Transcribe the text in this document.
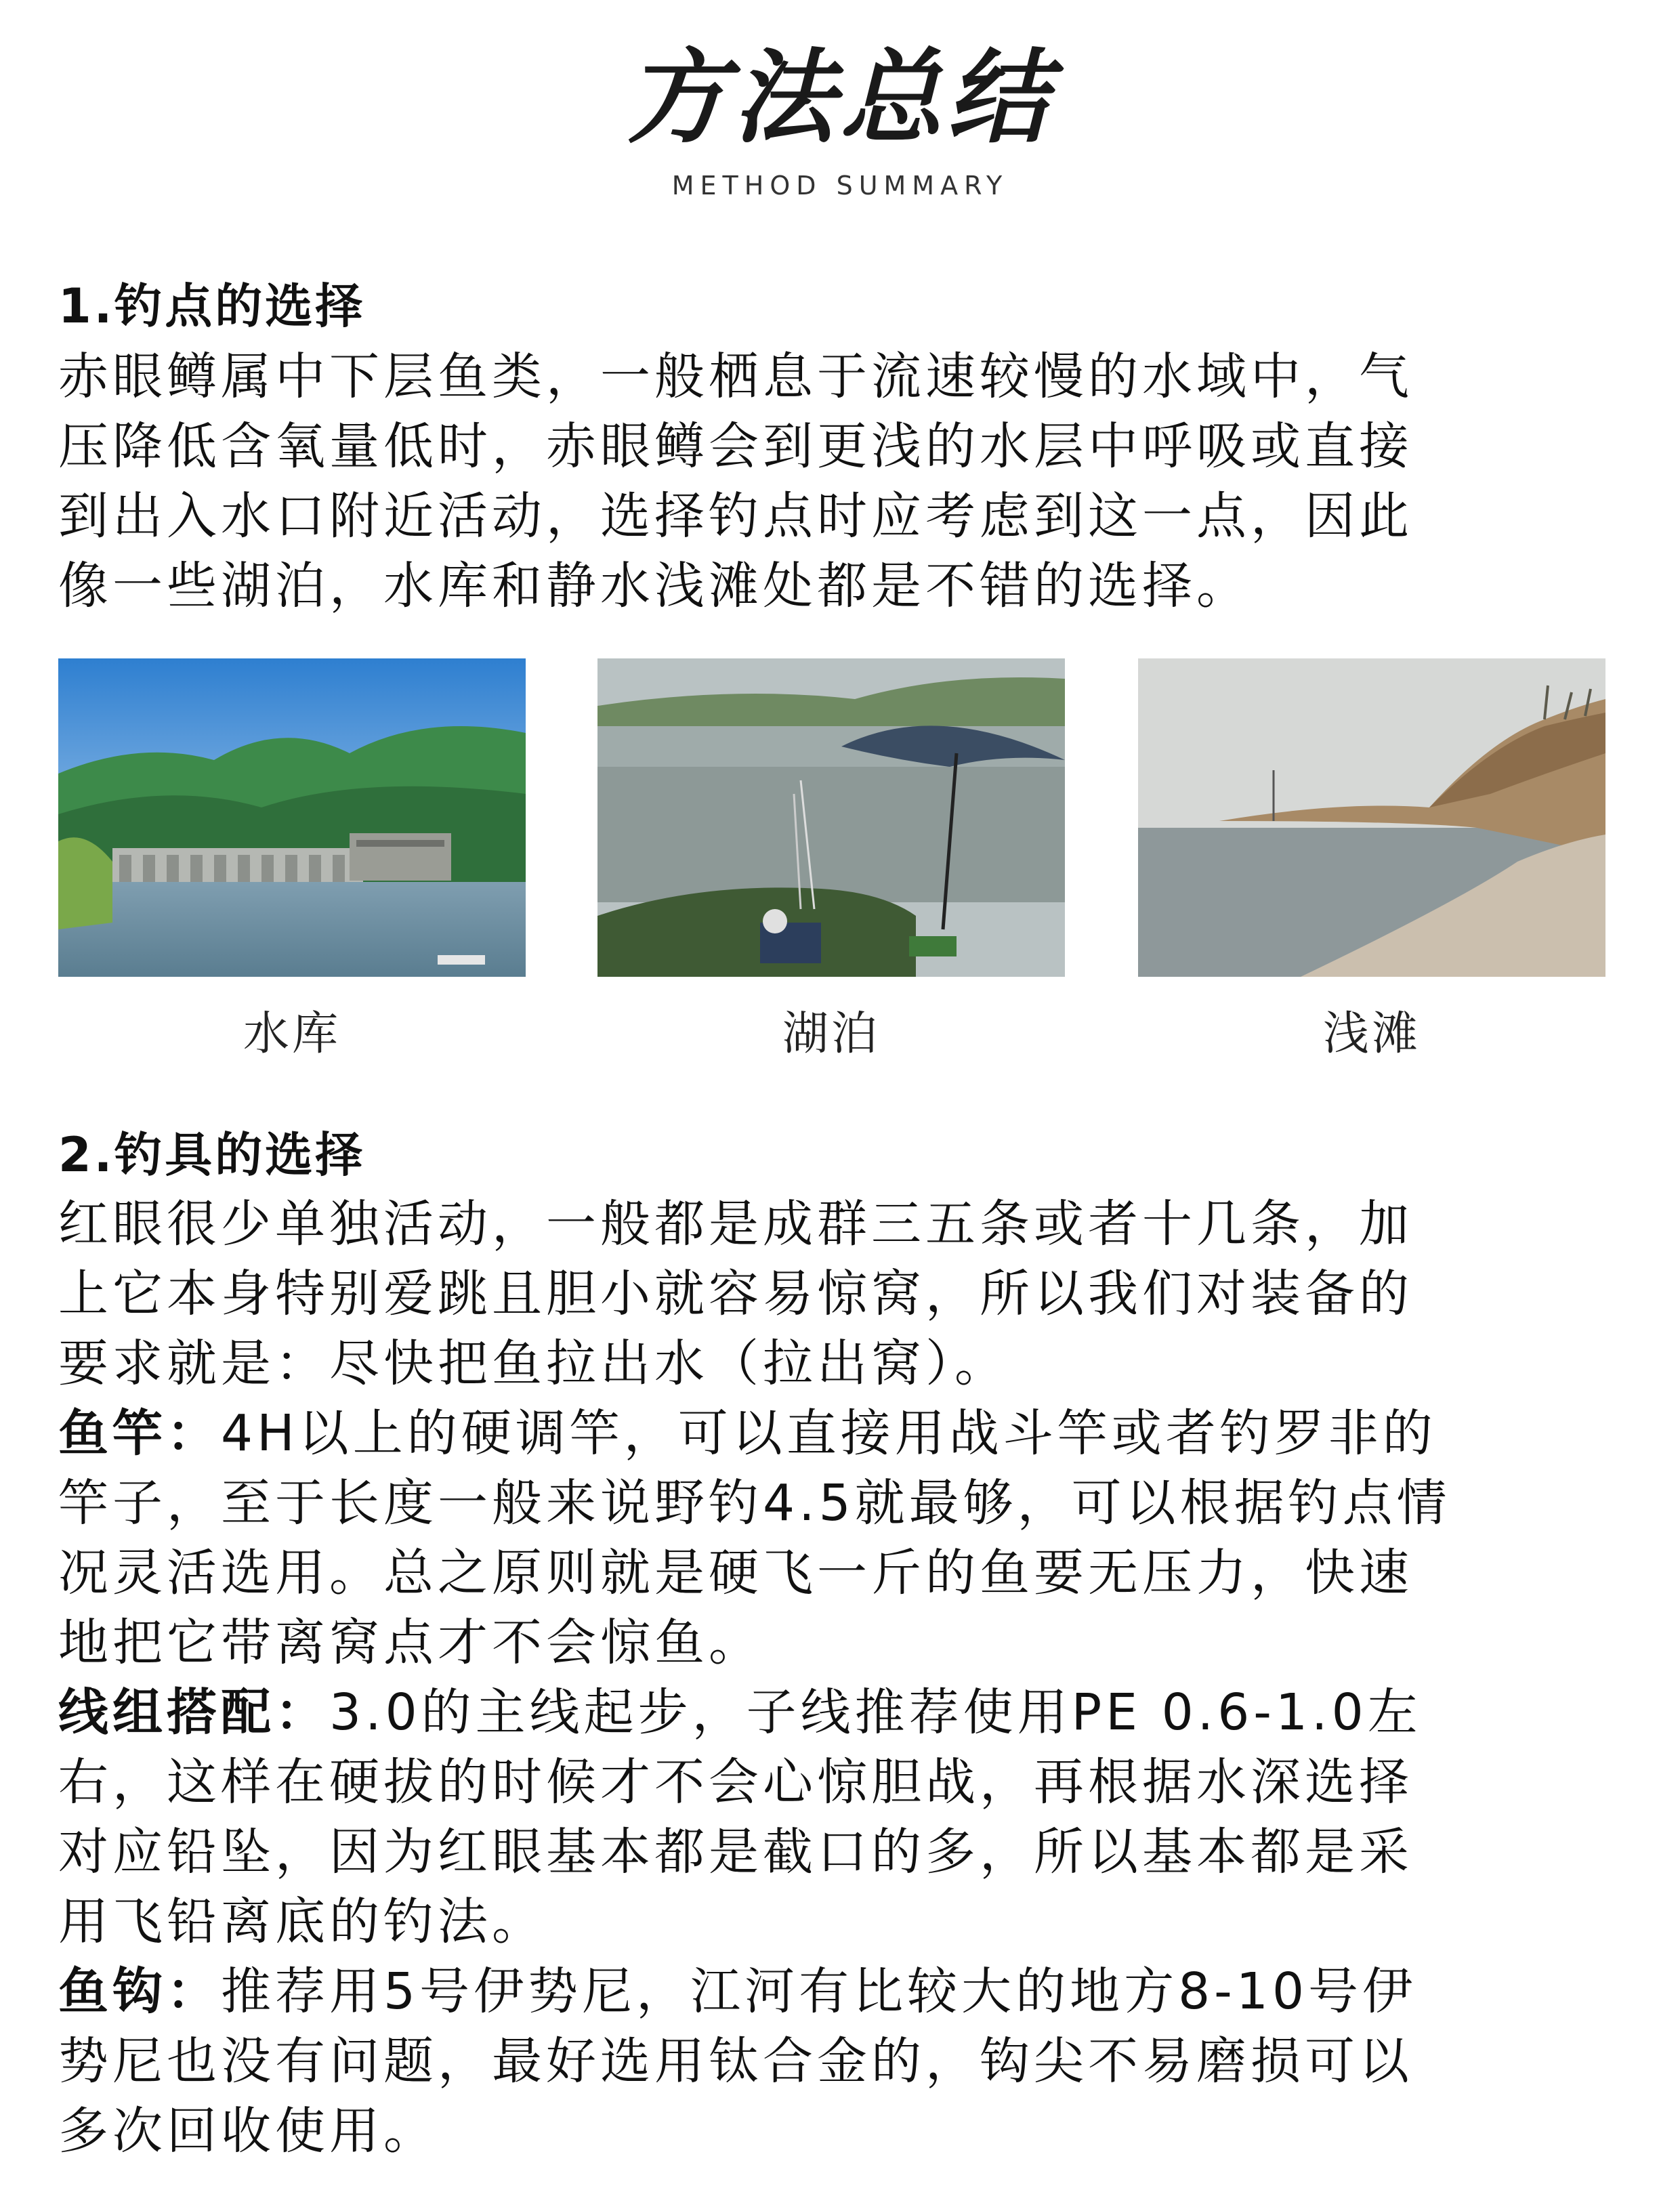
方法总结
METHOD SUMMARY
1.钓点的选择
赤眼鳟属中下层鱼类，一般栖息于流速较慢的水域中，气
压降低含氧量低时，赤眼鳟会到更浅的水层中呼吸或直接
到出入水口附近活动，选择钓点时应考虑到这一点，因此
像一些湖泊，水库和静水浅滩处都是不错的选择。
水库	湖泊	浅滩
2.钓具的选择
红眼很少单独活动，一般都是成群三五条或者十几条，加
上它本身特别爱跳且胆小就容易惊窝，所以我们对装备的
要求就是：尽快把鱼拉出水（拉出窝）。
鱼竿：4H以上的硬调竿，可以直接用战斗竿或者钓罗非的
竿子，至于长度一般来说野钓4.5就最够，可以根据钓点情
况灵活选用。总之原则就是硬飞一斤的鱼要无压力，快速
地把它带离窝点才不会惊鱼。
线组搭配：3.0的主线起步，子线推荐使用PE 0.6-1.0左
右，这样在硬拔的时候才不会心惊胆战，再根据水深选择
对应铅坠，因为红眼基本都是截口的多，所以基本都是采
用飞铅离底的钓法。
鱼钩：推荐用5号伊势尼，江河有比较大的地方8-10号伊
势尼也没有问题，最好选用钛合金的，钩尖不易磨损可以
多次回收使用。
